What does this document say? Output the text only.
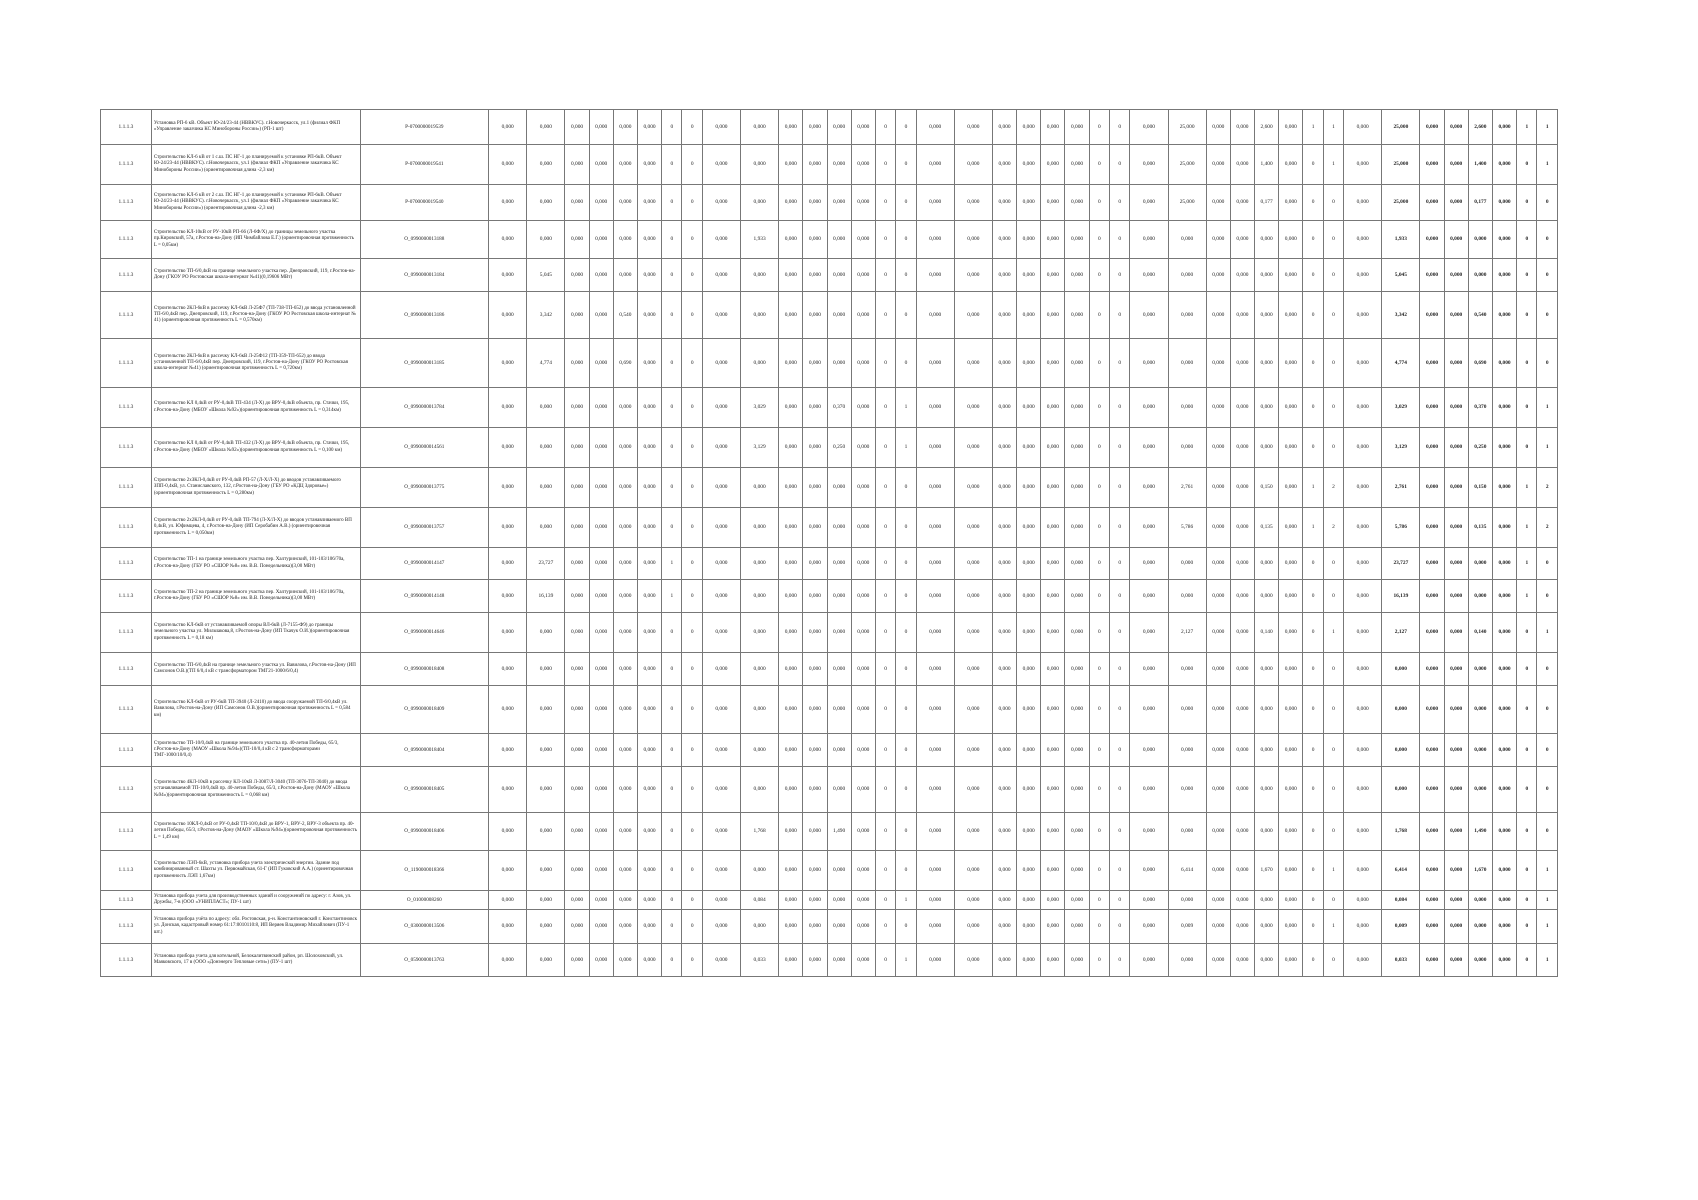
1.1.1.3	Установка РП-6 кВ. Объект Ю-24/23-44 (НВВКУС). г.Новочеркасск, ул.1 (филиал ФКП «Управление заказчика КС Минобороны России») (РП-1 шт)	Р-0700000019539	0,000	0,000	0,000	0,000	0,000	0,000	0	0	0,000	0,000	0,000	0,000	0,000	0,000	0	0	0,000	0,000	0,000	0,000	0,000	0,000	0	0	0,000	25,000	0,000	0,000	2,600	0,000	1	1	0,000	25,000	0,000	0,000	2,600	0,000	1	1
1.1.1.3	Строительство КЛ-6 кВ от 1 с.ш. ПС НГ-1 до планируемой к установке РП-6кВ. Объект Ю-24/23-44 (НВВКУС). г.Новочеркасск, ул.1 (филиал ФКП «Управление заказчика КС Минобороны России») (ориентировочная длина -2,3 км)	Р-0700000019541	0,000	0,000	0,000	0,000	0,000	0,000	0	0	0,000	0,000	0,000	0,000	0,000	0,000	0	0	0,000	0,000	0,000	0,000	0,000	0,000	0	0	0,000	25,000	0,000	0,000	1,400	0,000	0	1	0,000	25,000	0,000	0,000	1,400	0,000	0	1
1.1.1.3	Строительство КЛ-6 кВ от 2 с.ш. ПС НГ-1 до планируемой к установке РП-6кВ. Объект Ю-24/23-44 (НВВКУС). г.Новочеркасск, ул.1 (филиал ФКП «Управление заказчика КС Минобороны России») (ориентировочная длина -2,3 км)	Р-0700000019540	0,000	0,000	0,000	0,000	0,000	0,000	0	0	0,000	0,000	0,000	0,000	0,000	0,000	0	0	0,000	0,000	0,000	0,000	0,000	0,000	0	0	0,000	25,000	0,000	0,000	0,177	0,000	0	0	0,000	25,000	0,000	0,000	0,177	0,000	0	0
1.1.1.3	Строительство КЛ-10кВ от РУ-10кВ РП-66 (Л-6Ф/Х) до границы земельного участка пр.Кировский, 57а, г.Ростов-на-Дону (ИП Чимбайлова Е.Г.) (ориентировочная протяженность L = 0,05км)	О_0990000013188	0,000	0,000	0,000	0,000	0,000	0,000	0	0	0,000	1,933	0,000	0,000	0,000	0,000	0	0	0,000	0,000	0,000	0,000	0,000	0,000	0	0	0,000	0,000	0,000	0,000	0,000	0,000	0	0	0,000	1,933	0,000	0,000	0,000	0,000	0	0
1.1.1.3	Строительство ТП-6/0,4кВ на границе земельного участка пер. Днепровский, 119, г.Ростов-на-Дону (ГКОУ РО Ростовская школа-интернат №41)(0,19606 МВт)	О_0990000013184	0,000	5,045	0,000	0,000	0,000	0,000	0	0	0,000	0,000	0,000	0,000	0,000	0,000	0	0	0,000	0,000	0,000	0,000	0,000	0,000	0	0	0,000	0,000	0,000	0,000	0,000	0,000	0	0	0,000	5,045	0,000	0,000	0,000	0,000	0	0
1.1.1.3	Строительство 2КЛ-6кВ в рассечку КЛ-6кВ Л-25Ф7 (ТП-738-ТП-652) до ввода установленной ТП-6/0,4кВ пер. Днепровский, 119, г.Ростов-на-Дону (ГКОУ РО Ростовская школа-интернат № 41) (ориентировочная протяженность L = 0,570км)	О_0990000013186	0,000	3,342	0,000	0,000	0,540	0,000	0	0	0,000	0,000	0,000	0,000	0,000	0,000	0	0	0,000	0,000	0,000	0,000	0,000	0,000	0	0	0,000	0,000	0,000	0,000	0,000	0,000	0	0	0,000	3,342	0,000	0,000	0,540	0,000	0	0
1.1.1.3	Строительство 2КЛ-6кВ в рассечку КЛ-6кВ Л-25Ф12 (ТП-359-ТП-652) до ввода установленной ТП-6/0,4кВ пер. Днепровский, 119, г.Ростов-на-Дону (ГКОУ РО Ростовская школа-интернат №41) (ориентировочная протяженность L = 0,720км)	О_0990000013185	0,000	4,774	0,000	0,000	0,690	0,000	0	0	0,000	0,000	0,000	0,000	0,000	0,000	0	0	0,000	0,000	0,000	0,000	0,000	0,000	0	0	0,000	0,000	0,000	0,000	0,000	0,000	0	0	0,000	4,774	0,000	0,000	0,690	0,000	0	0
1.1.1.3	Строительство КЛ 0,4кВ от РУ-0,4кВ ТП-434 (Л-X) до ВРУ-0,4кВ объекта, пр. Стачки, 195, г.Ростов-на-Дону (МБОУ «Школа №92»)(ориентировочная протяженность L = 0,314км)	О_0990000013784	0,000	0,000	0,000	0,000	0,000	0,000	0	0	0,000	3,029	0,000	0,000	0,370	0,000	0	1	0,000	0,000	0,000	0,000	0,000	0,000	0	0	0,000	0,000	0,000	0,000	0,000	0,000	0	0	0,000	3,029	0,000	0,000	0,370	0,000	0	1
1.1.1.3	Строительство КЛ 0,4кВ от РУ-0,4кВ ТП-432 (Л-X) до ВРУ-0,4кВ объекта, пр. Стачки, 195, г.Ростов-на-Дону (МБОУ «Школа №92»)(ориентировочная протяженность L = 0,100 км)	О_0990000014561	0,000	0,000	0,000	0,000	0,000	0,000	0	0	0,000	3,129	0,000	0,000	0,250	0,000	0	1	0,000	0,000	0,000	0,000	0,000	0,000	0	0	0,000	0,000	0,000	0,000	0,000	0,000	0	0	0,000	3,129	0,000	0,000	0,250	0,000	0	1
1.1.1.3	Строительство 2хЗКЛ-0,4кВ от РУ-0,4кВ РП-57 (Л-X/Л-X) до вводов устанавливаемого ЗПП-0,4кВ, ул. Станиславского, 132, г.Ростов-на-Дону (ГБУ РО «КДЦ Здоровье») (ориентировочная протяженность L = 0,280км)	О_0990000013775	0,000	0,000	0,000	0,000	0,000	0,000	0	0	0,000	0,000	0,000	0,000	0,000	0,000	0	0	0,000	0,000	0,000	0,000	0,000	0,000	0	0	0,000	2,761	0,000	0,000	0,150	0,000	1	2	0,000	2,761	0,000	0,000	0,150	0,000	1	2
1.1.1.3	Строительство 2х2КЛ-0,4кВ от РУ-0,4кВ ТП-794 (Л-X/Л-X) до вводов устанавливаемого ВП 0,4кВ, ул. Юфимцева, 4, г.Ростов-на-Дону (ИП Серобабин А.В.) (ориентировочная протяженность L = 0,050км)	О_0990000013757	0,000	0,000	0,000	0,000	0,000	0,000	0	0	0,000	0,000	0,000	0,000	0,000	0,000	0	0	0,000	0,000	0,000	0,000	0,000	0,000	0	0	0,000	5,786	0,000	0,000	0,135	0,000	1	2	0,000	5,786	0,000	0,000	0,135	0,000	1	2
1.1.1.3	Строительство ТП-1 на границе земельного участка пер. Халтуринский, 101-103/106/70а, г.Ростов-на-Дону (ГБУ РО «СШОР №8» им. В.В. Понедельника)(3,00 МВт)	О_0990000014147	0,000	23,727	0,000	0,000	0,000	0,000	1	0	0,000	0,000	0,000	0,000	0,000	0,000	0	0	0,000	0,000	0,000	0,000	0,000	0,000	0	0	0,000	0,000	0,000	0,000	0,000	0,000	0	0	0,000	23,727	0,000	0,000	0,000	0,000	1	0
1.1.1.3	Строительство ТП-2 на границе земельного участка пер. Халтуринский, 101-103/106/70а, г.Ростов-на-Дону (ГБУ РО «СШОР №8» им. В.В. Понедельника)(3,00 МВт)	О_0990000014148	0,000	16,139	0,000	0,000	0,000	0,000	1	0	0,000	0,000	0,000	0,000	0,000	0,000	0	0	0,000	0,000	0,000	0,000	0,000	0,000	0	0	0,000	0,000	0,000	0,000	0,000	0,000	0	0	0,000	16,139	0,000	0,000	0,000	0,000	1	0
1.1.1.3	Строительство КЛ-6кВ от устанавливаемой опоры ВЛ-6кВ (Л-7155-Ф9) до границы земельного участка ул. Мильчакова,8, г.Ростов-на-Дону (ИП Ткачук О.И.)(ориентировочная протяженность L = 0,18 км)	О_0990000014646	0,000	0,000	0,000	0,000	0,000	0,000	0	0	0,000	0,000	0,000	0,000	0,000	0,000	0	0	0,000	0,000	0,000	0,000	0,000	0,000	0	0	0,000	2,127	0,000	0,000	0,140	0,000	0	1	0,000	2,127	0,000	0,000	0,140	0,000	0	1
1.1.1.3	Строительство ТП-6/0,4кВ на границе земельного участка ул. Вавилова, г.Ростов-на-Дону (ИП Самсонов О.В.)(ТП 6/0,4 кВ с трансформатором ТМГ21-1000/6/0,4)	О_0990000018408	0,000	0,000	0,000	0,000	0,000	0,000	0	0	0,000	0,000	0,000	0,000	0,000	0,000	0	0	0,000	0,000	0,000	0,000	0,000	0,000	0	0	0,000	0,000	0,000	0,000	0,000	0,000	0	0	0,000	0,000	0,000	0,000	0,000	0,000	0	0
1.1.1.3	Строительство КЛ-6кВ от РУ-6кВ ТП-3940 (Л-2410) до ввода сооружаемой ТП-6/0,4кВ ул. Вавилова, г.Ростов-на-Дону (ИП Самсонов О.В.)(ориентировочная протяженность L = 0,584 км)	О_0990000018409	0,000	0,000	0,000	0,000	0,000	0,000	0	0	0,000	0,000	0,000	0,000	0,000	0,000	0	0	0,000	0,000	0,000	0,000	0,000	0,000	0	0	0,000	0,000	0,000	0,000	0,000	0,000	0	0	0,000	0,000	0,000	0,000	0,000	0,000	0	0
1.1.1.3	Строительство ТП-10/0,4кВ на границе земельного участка пр. 40-летия Победы, 65/3, г.Ростов-на-Дону (МАОУ «Школа №94»)(ТП-10/0,4 кВ с 2 трансформаторами ТМГ-1000/10/0,4)	О_0990000018404	0,000	0,000	0,000	0,000	0,000	0,000	0	0	0,000	0,000	0,000	0,000	0,000	0,000	0	0	0,000	0,000	0,000	0,000	0,000	0,000	0	0	0,000	0,000	0,000	0,000	0,000	0,000	0	0	0,000	0,000	0,000	0,000	0,000	0,000	0	0
1.1.1.3	Строительство 4КЛ-10кВ в рассечку КЛ-10кВ Л-3087/Л-3040 (ТП-3076-ТП-3040) до ввода устанавливаемой ТП-10/0,4кВ пр. 40-летия Победы, 65/3, г.Ростов-на-Дону (МАОУ «Школа №94»)(ориентировочная протяженность L = 0,068 км)	О_0990000018405	0,000	0,000	0,000	0,000	0,000	0,000	0	0	0,000	0,000	0,000	0,000	0,000	0,000	0	0	0,000	0,000	0,000	0,000	0,000	0,000	0	0	0,000	0,000	0,000	0,000	0,000	0,000	0	0	0,000	0,000	0,000	0,000	0,000	0,000	0	0
1.1.1.3	Строительство 10КЛ-0,4кВ от РУ-0,4кВ ТП-10/0,4кВ до ВРУ-1, ВРУ-2, ВРУ-3 объекта пр. 40-летия Победы, 65/3, г.Ростов-на-Дону (МАОУ «Школа №94»)(ориентировочная протяженность L = 1,49 км)	О_0990000018406	0,000	0,000	0,000	0,000	0,000	0,000	0	0	0,000	1,768	0,000	0,000	1,490	0,000	0	0	0,000	0,000	0,000	0,000	0,000	0,000	0	0	0,000	0,000	0,000	0,000	0,000	0,000	0	0	0,000	1,768	0,000	0,000	1,490	0,000	0	0
1.1.1.3	Строительство ЛЭП-6кВ, установка прибора учета электрической энергии. Здание под комбинированный ст. Шахты ул. Первомайская, 61-Г (ИП Гуковский А.А.) (ориентировочная протяженность ЛЭП 1,67км)	О_1190000018366	0,000	0,000	0,000	0,000	0,000	0,000	0	0	0,000	0,000	0,000	0,000	0,000	0,000	0	0	0,000	0,000	0,000	0,000	0,000	0,000	0	0	0,000	6,414	0,000	0,000	1,670	0,000	0	1	0,000	6,414	0,000	0,000	1,670	0,000	0	1
1.1.1.3	Установка прибора учета для производственных зданий и сооружений по адресу: г. Азов, ул. Дружбы, 7-в (ООО «УНИПЛАСТ»; ПУ-1 шт)	О_01000008260	0,000	0,000	0,000	0,000	0,000	0,000	0	0	0,000	0,084	0,000	0,000	0,000	0,000	0	1	0,000	0,000	0,000	0,000	0,000	0,000	0	0	0,000	0,000	0,000	0,000	0,000	0,000	0	0	0,000	0,084	0,000	0,000	0,000	0,000	0	1
1.1.1.3	Установка прибора учёта по адресу: обл. Ростовская, р-н. Константиновский г. Константиновск ул. Донская, кадастровый номер 61:17:0010110:8, ИП Веряев Владимир Михайлович (ПУ-1 шт.)	О_0300000013506	0,000	0,000	0,000	0,000	0,000	0,000	0	0	0,000	0,000	0,000	0,000	0,000	0,000	0	0	0,000	0,000	0,000	0,000	0,000	0,000	0	0	0,000	0,009	0,000	0,000	0,000	0,000	0	1	0,000	0,009	0,000	0,000	0,000	0,000	0	1
1.1.1.3	Установка прибора учета для котельной, Белокалитвинский район, рп. Шолоховский, ул. Маяковского, 17 в (ООО «Донэнерго Тепловые сети») (ПУ-1 шт)	О_0590000013763	0,000	0,000	0,000	0,000	0,000	0,000	0	0	0,000	0,033	0,000	0,000	0,000	0,000	0	1	0,000	0,000	0,000	0,000	0,000	0,000	0	0	0,000	0,000	0,000	0,000	0,000	0,000	0	0	0,000	0,033	0,000	0,000	0,000	0,000	0	1
